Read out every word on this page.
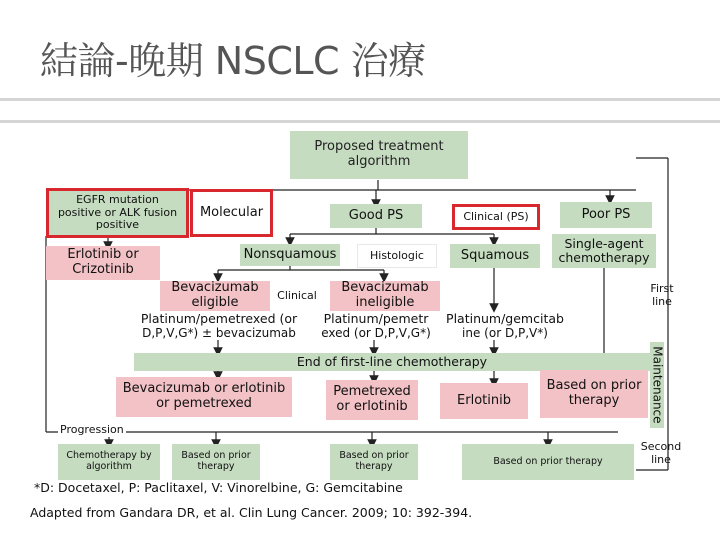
結論-晚期 NSCLC 治療
Proposed treatment algorithm
EGFR mutation positive or ALK fusion positive
Molecular	Good PS	Clinical (PS)	Poor PS
Erlotinib or Crizotinib
Nonsquamous	Histologic	Squamous
Single-agent chemotherapy
Bevacizumab eligible	Clinical
Bevacizumab ineligible
Platinum/pemetrexed (or
D,P,V,G*) ± bevacizumab
Platinum/pemetr
exed (or D,P,V,G*)
Platinum/gemcitab
ine (or D,P,V*)
First line
End of first-line chemotherapy	Maintenance
Bevacizumab or erlotinib or pemetrexed
Pemetrexed or erlotinib	Erlotinib
Based on prior therapy
Progression
Chemotherapy by algorithm
Based on prior therapy
Based on prior therapy	Based on prior therapy
Second line
*D: Docetaxel, P: Paclitaxel, V: Vinorelbine, G: Gemcitabine
Adapted from Gandara DR, et al. Clin Lung Cancer. 2009; 10: 392-394.
